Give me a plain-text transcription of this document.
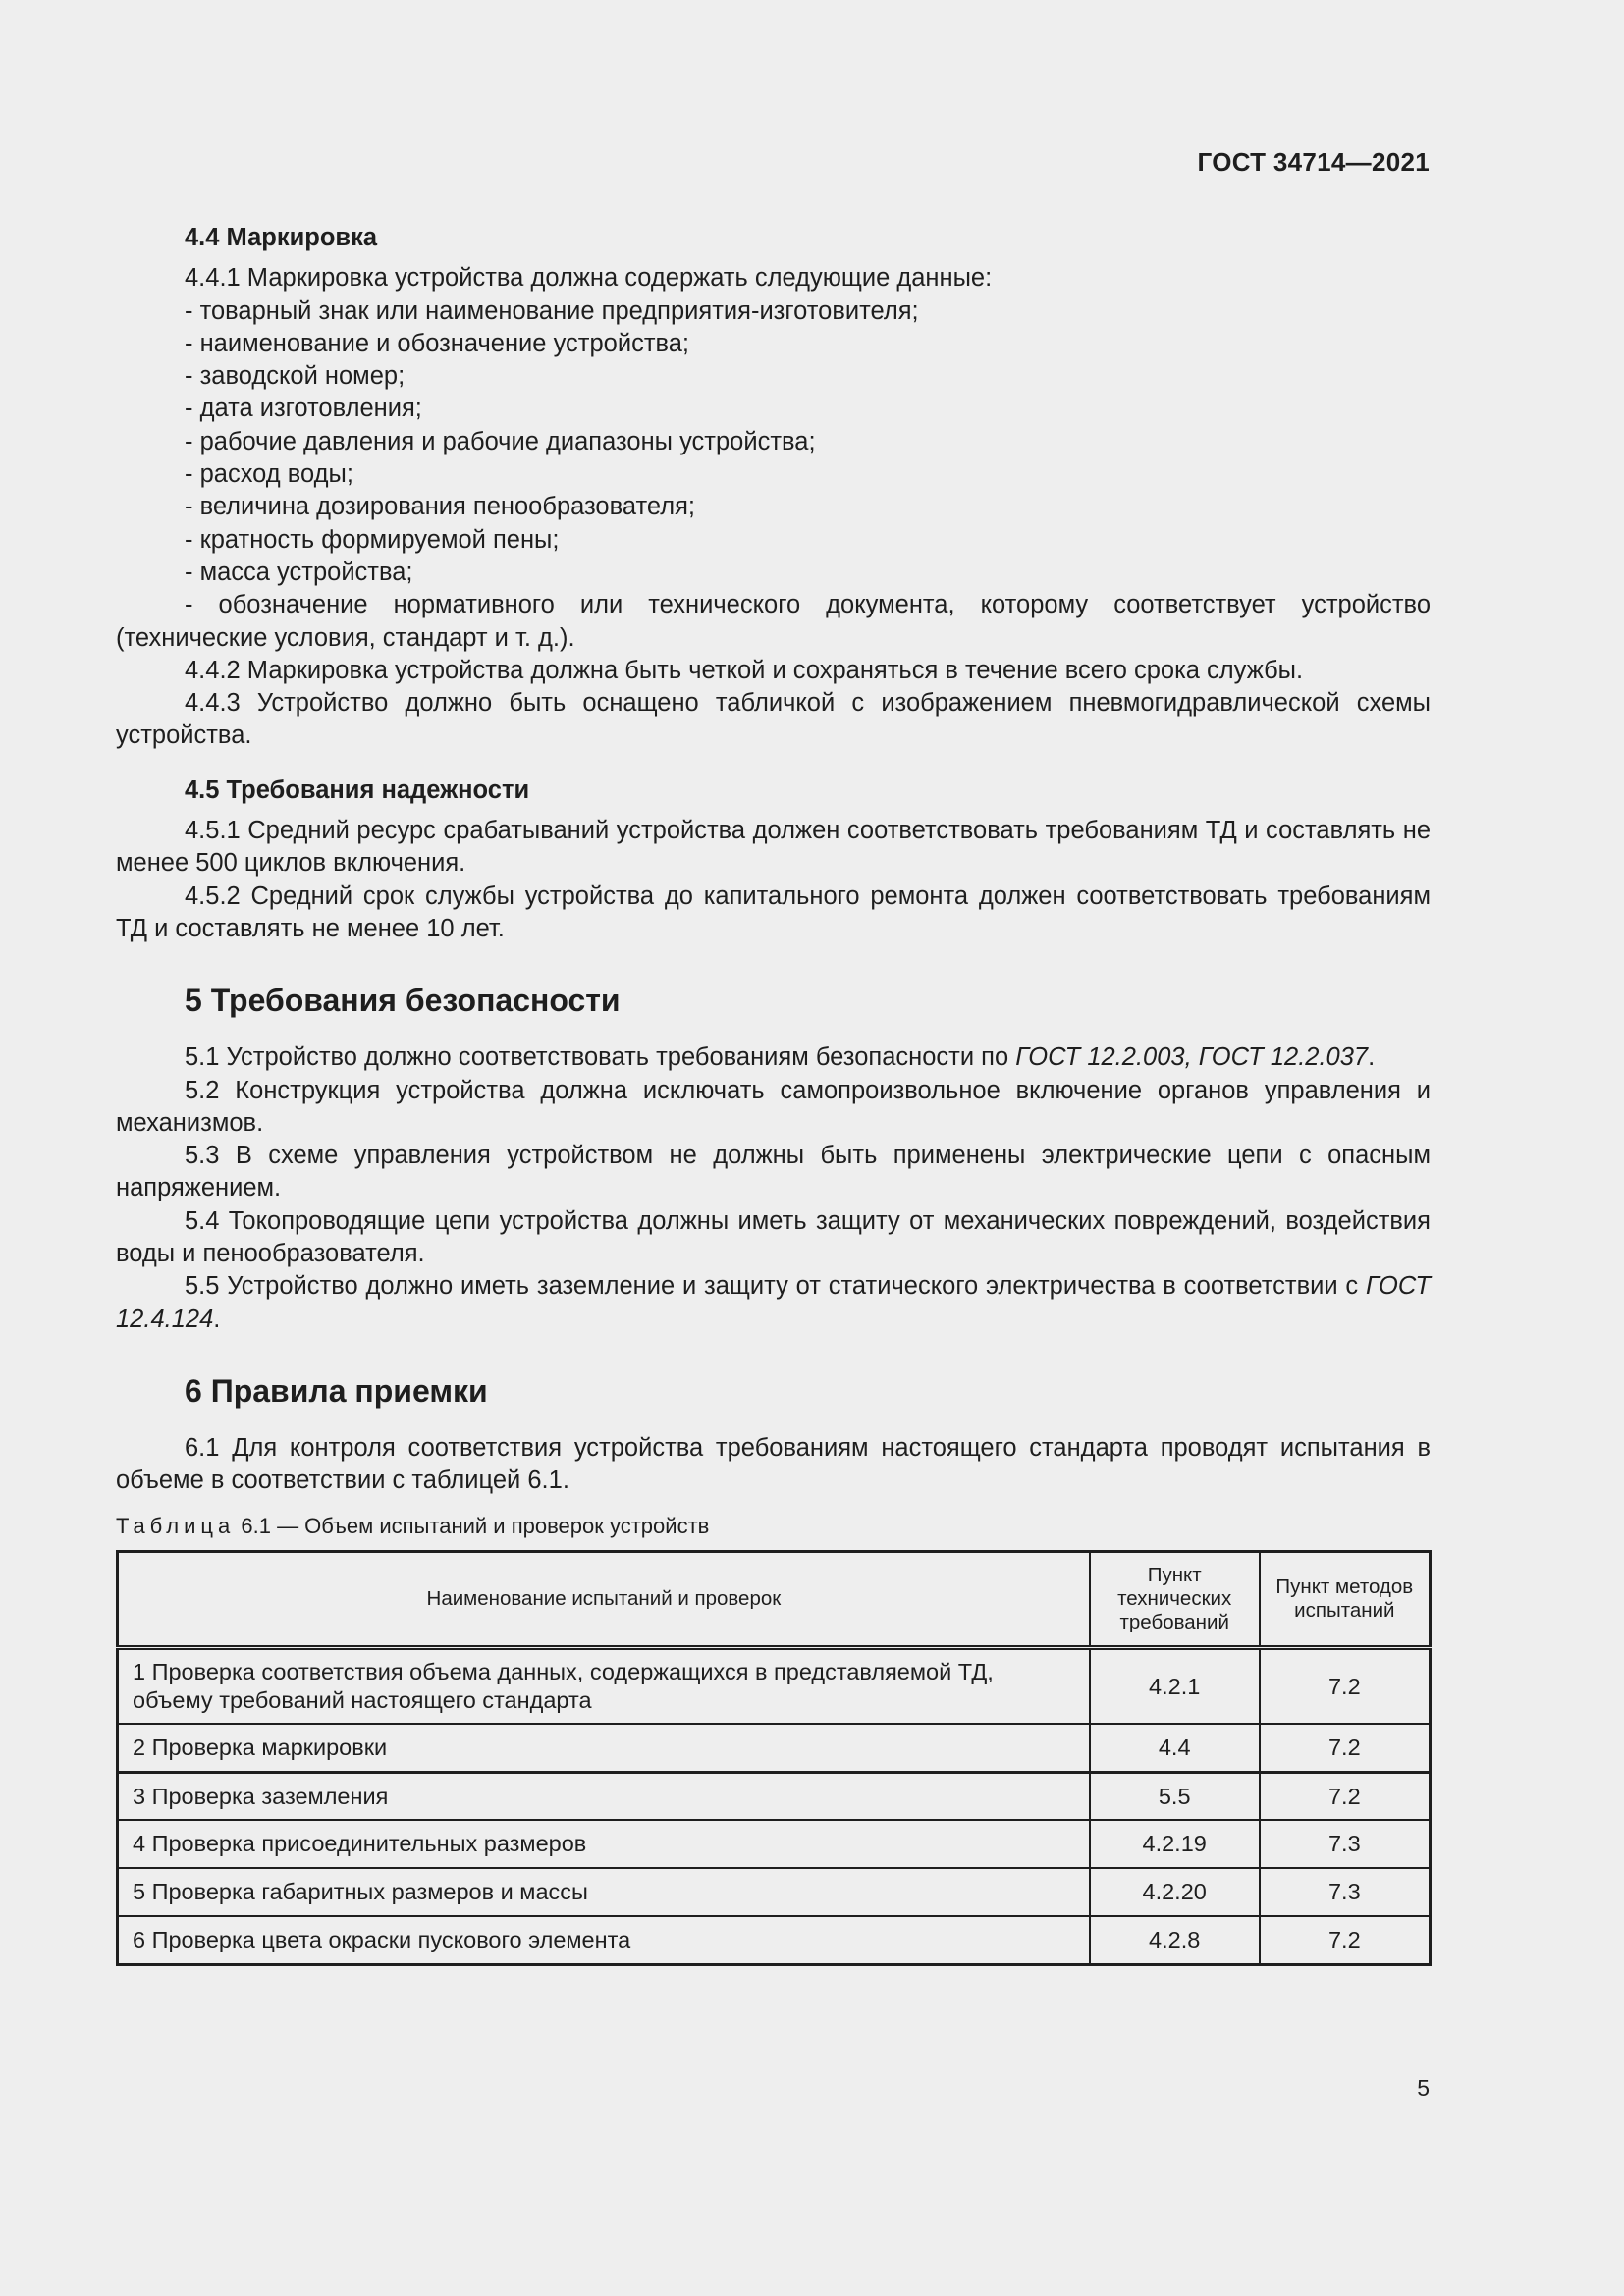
ГОСТ 34714—2021
4.4 Маркировка
4.4.1 Маркировка устройства должна содержать следующие данные:
- товарный знак или наименование предприятия-изготовителя;
- наименование и обозначение устройства;
- заводской номер;
- дата изготовления;
- рабочие давления и рабочие диапазоны устройства;
- расход воды;
- величина дозирования пенообразователя;
- кратность формируемой пены;
- масса устройства;
- обозначение нормативного или технического документа, которому соответствует устройство (технические условия, стандарт и т. д.).
4.4.2 Маркировка устройства должна быть четкой и сохраняться в течение всего срока службы.
4.4.3 Устройство должно быть оснащено табличкой с изображением пневмогидравлической схемы устройства.
4.5 Требования надежности
4.5.1 Средний ресурс срабатываний устройства должен соответствовать требованиям ТД и составлять не менее 500 циклов включения.
4.5.2 Средний срок службы устройства до капитального ремонта должен соответствовать требованиям ТД и составлять не менее 10 лет.
5 Требования безопасности
5.1 Устройство должно соответствовать требованиям безопасности по ГОСТ 12.2.003, ГОСТ 12.2.037.
5.2 Конструкция устройства должна исключать самопроизвольное включение органов управления и механизмов.
5.3 В схеме управления устройством не должны быть применены электрические цепи с опасным напряжением.
5.4 Токопроводящие цепи устройства должны иметь защиту от механических повреждений, воздействия воды и пенообразователя.
5.5 Устройство должно иметь заземление и защиту от статического электричества в соответствии с ГОСТ 12.4.124.
6 Правила приемки
6.1 Для контроля соответствия устройства требованиям настоящего стандарта проводят испытания в объеме в соответствии с таблицей 6.1.
Таблица 6.1 — Объем испытаний и проверок устройств
Наименование испытаний и проверок	Пункт технических требований	Пункт методов испытаний
1 Проверка соответствия объема данных, содержащихся в представляемой ТД, объему требований настоящего стандарта	4.2.1	7.2
2 Проверка маркировки	4.4	7.2
3 Проверка заземления	5.5	7.2
4 Проверка присоединительных размеров	4.2.19	7.3
5 Проверка габаритных размеров и массы	4.2.20	7.3
6 Проверка цвета окраски пускового элемента	4.2.8	7.2
5
